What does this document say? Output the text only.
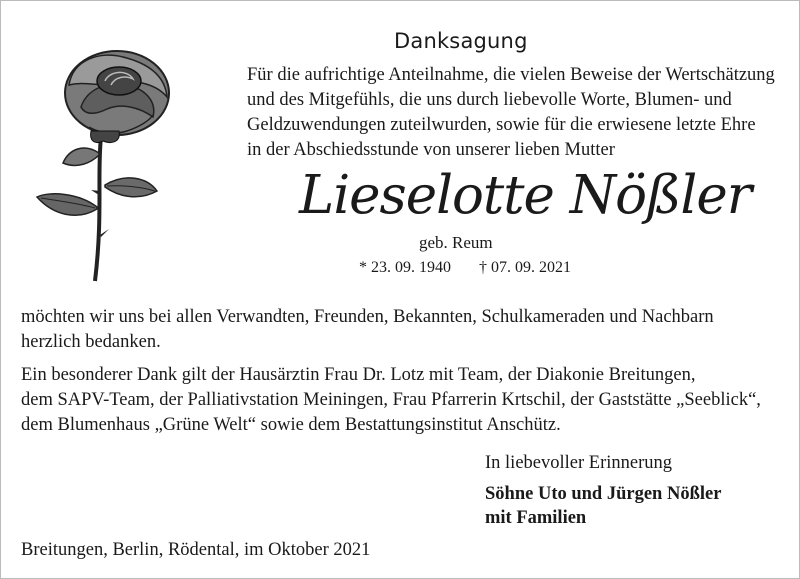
Danksagung
Für die aufrichtige Anteilnahme, die vielen Beweise der Wertschätzung
und des Mitgefühls, die uns durch liebevolle Worte, Blumen- und
Geldzuwendungen zuteilwurden, sowie für die erwiesene letzte Ehre
in der Abschiedsstunde von unserer lieben Mutter
Lieselotte Nößler
geb. Reum
* 23. 09. 1940 † 07. 09. 2021
möchten wir uns bei allen Verwandten, Freunden, Bekannten, Schulkameraden und Nachbarn
herzlich bedanken.
Ein besonderer Dank gilt der Hausärztin Frau Dr. Lotz mit Team, der Diakonie Breitungen,
dem SAPV-Team, der Palliativstation Meiningen, Frau Pfarrerin Krtschil, der Gaststätte „Seeblick“,
dem Blumenhaus „Grüne Welt“ sowie dem Bestattungsinstitut Anschütz.
In liebevoller Erinnerung
Söhne Uto und Jürgen Nößler
mit Familien
Breitungen, Berlin, Rödental, im Oktober 2021
